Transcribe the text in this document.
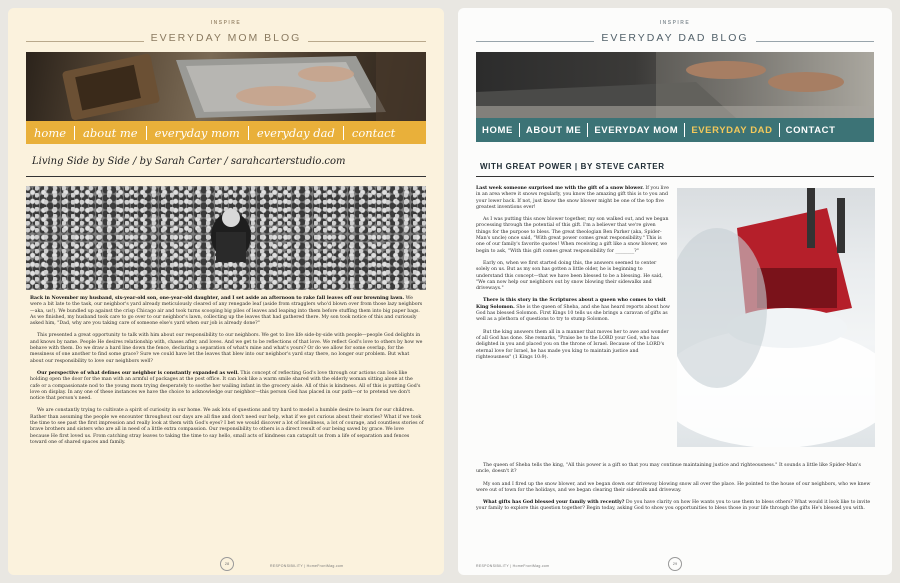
INSPIRE
EVERYDAY MOM BLOG
home	about me	everyday mom	everyday dad	contact
Living Side by Side / by Sarah Carter / sarahcarterstudio.com

Back in November my husband, six-year-old son, one-year-old daughter, and I set aside an afternoon to rake fall leaves off our browning lawn. We were a bit late to the task, our neighbor's yard already meticulously cleared of any renegade leaf (aside from stragglers who'd blown over from those lazy neighbors—aka, us!). We bundled up against the crisp Chicago air and took turns scooping big piles of leaves and leaping into them before stuffing them into big paper bags. As we finished, my husband took care to go over to our neighbor's lawn, collecting up the leaves that had gathered there. My son took notice of this and curiously asked him, "Dad, why are you taking care of someone else's yard when our job is already done?"

This presented a great opportunity to talk with him about our responsibility to our neighbors. We get to live life side-by-side with people—people God delights in and knows by name. People He desires relationship with, chases after, and loves. And we get to be reflections of that love. We reflect God's love to others by how we behave with them. Do we draw a hard line down the fence, declaring a separation of what's mine and what's yours? Or do we allow for some overlap, for the messiness of one another to find some grace? Sure we could have let the leaves that blew into our neighbor's yard stay there, no longer our problem. But what about our responsibility to love our neighbors well?

Our perspective of what defines our neighbor is constantly expanded as well. This concept of reflecting God's love through our actions can look like holding open the door for the man with an armful of packages at the post office. It can look like a warm smile shared with the elderly woman sitting alone at the cafe or a compassionate nod to the young mom trying desperately to soothe her wailing infant in the grocery aisle. All of this is kindness. All of this is putting God's love on display. In any one of these instances we have the choice to acknowledge our neighbor—this person God has placed in our path—or to pretend we don't notice that person's need.

We are constantly trying to cultivate a spirit of curiosity in our home. We ask lots of questions and try hard to model a humble desire to learn for our children. Rather than assuming the people we encounter throughout our days are all fine and don't need our help, what if we got curious about their stories? What if we took the time to see past the first impression and really look at them with God's eyes? I bet we would discover a lot of loneliness, a lot of courage, and countless stories of brave brothers and sisters who are all in need of a little extra compassion. Our responsibility to others is a direct result of our being saved by grace. We love because He first loved us. From catching stray leaves to taking the time to say hello, small acts of kindness can catapult us from a life of separation and fences toward one of shared spaces and family.

28	RESPONSIBILITY | HomeFrontMag.com
INSPIRE
EVERYDAY DAD BLOG
HOME	ABOUT ME	EVERYDAY MOM	EVERYDAY DAD	CONTACT
WITH GREAT POWER | BY STEVE CARTER

Last week someone surprised me with the gift of a snow blower. If you live in an area where it snows regularly, you know the amazing gift this is to you and your lower back. If not, just know the snow blower might be one of the top five greatest inventions ever!

As I was putting this snow blower together, my son walked out, and we began processing through the potential of this gift. I'm a believer that we're given things for the purpose to bless. The great theologian Ben Parker (aka, Spider-Man's uncle) once said, "With great power comes great responsibility." This is one of our family's favorite quotes! When receiving a gift like a snow blower, we begin to ask, "With this gift comes great responsibility for ________?"

Early on, when we first started doing this, the answers seemed to center solely on us. But as my son has gotten a little older, he is beginning to understand this concept—that we have been blessed to be a blessing. He said, "We can now help our neighbors out by snow blowing their sidewalks and driveways."

There is this story in the Scriptures about a queen who comes to visit King Solomon. She is the queen of Sheba, and she has heard reports about how God has blessed Solomon. First Kings 10 tells us she brings a caravan of gifts as well as a plethora of questions to try to stump Solomon.

But the king answers them all in a manner that moves her to awe and wonder of all God has done. She remarks, "Praise be to the LORD your God, who has delighted in you and placed you on the throne of Israel. Because of the LORD's eternal love for Israel, he has made you king to maintain justice and righteousness" (1 Kings 10:9).

The queen of Sheba tells the king, "All this power is a gift so that you may continue maintaining justice and righteousness." It sounds a little like Spider-Man's uncle, doesn't it?

My son and I fired up the snow blower, and we began down our driveway blowing snow all over the place. He pointed to the house of our neighbors, who we knew were out of town for the holidays, and we began clearing their sidewalk and driveway.

What gifts has God blessed your family with recently? Do you have clarity on how He wants you to use them to bless others? What would it look like to invite your family to explore this question together? Begin today, asking God to show you opportunities to bless those in your life through the gifts He's blessed you with.

RESPONSIBILITY | HomeFrontMag.com	29
